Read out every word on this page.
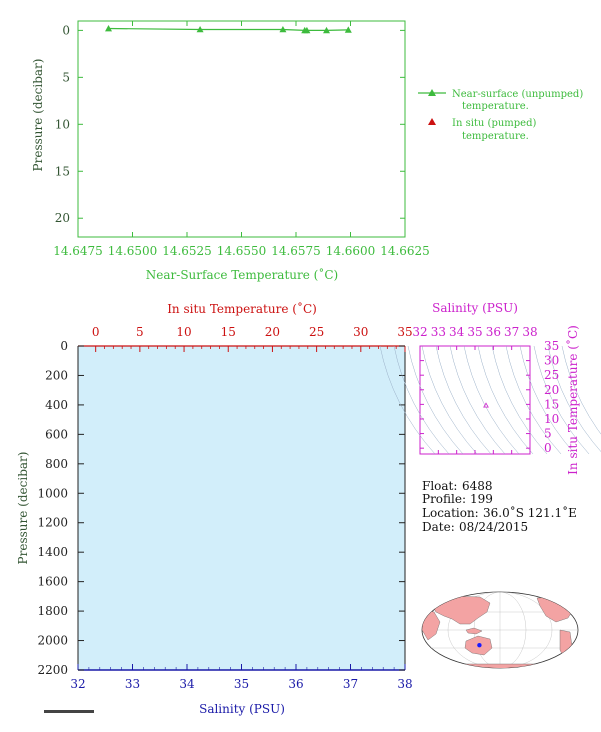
14.6475 14.6500 14.6525 14.6550 14.6575 14.6600 14.6625
0
5
10
15
20
Near-Surface Temperature (˚C)
Pressure (decibar)	Near-surface (unpumped)
temperature.
In situ (pumped)
temperature.
0	5	10 15 20 25 30 35
32	33	34	35	36	37	38
0
200
400
600
800
1000
1200
1400
1600
1800
2000
2200
In situ Temperature (˚C)
Salinity (PSU)
Pressure (decibar)
32 33 34 35 36 37 38
0
5
10
15
20
25
30
35
Salinity (PSU)
In situ Temperature (˚C)
Float: 6488
Profile: 199
Location: 36.0˚S 121.1˚E
Date: 08/24/2015
